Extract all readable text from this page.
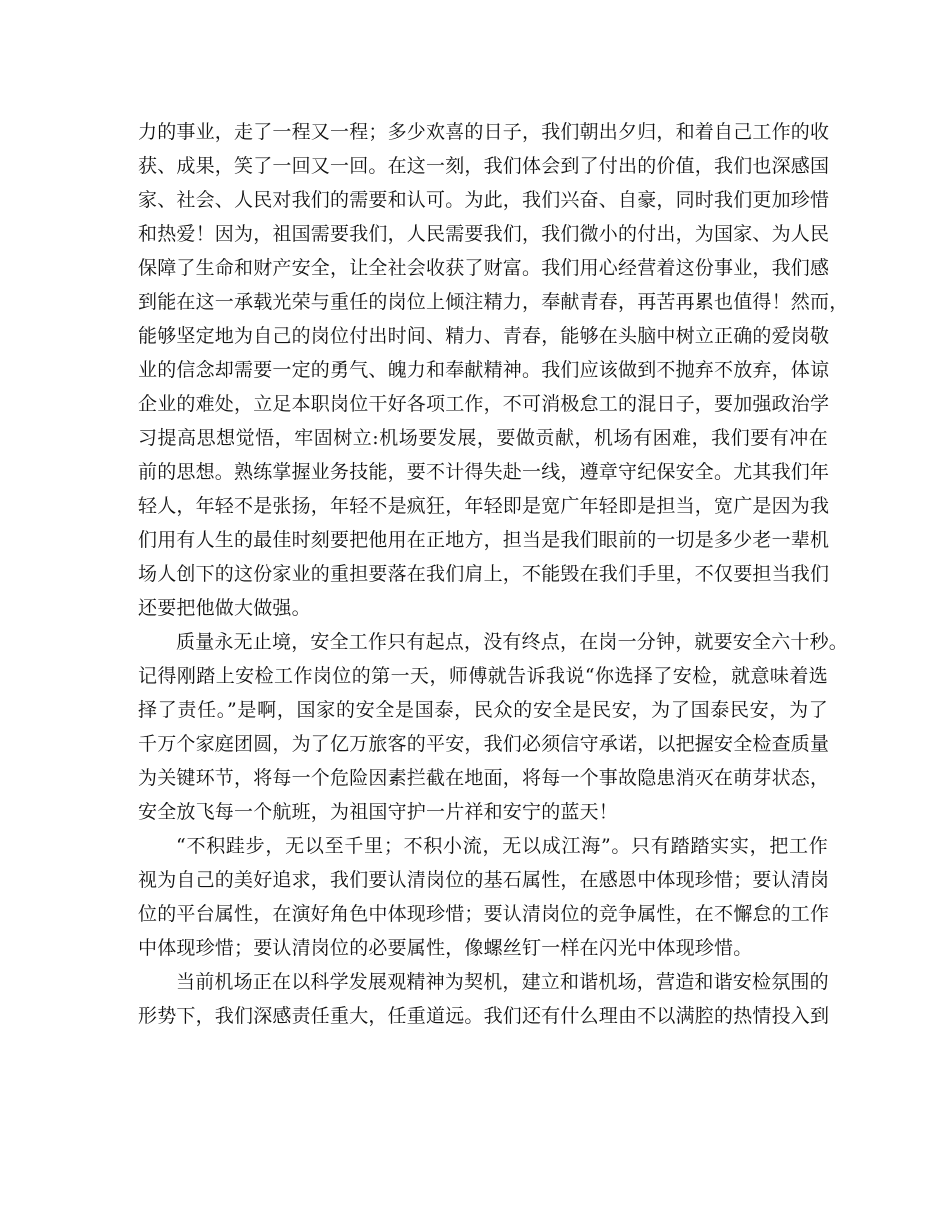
力的事业，走了一程又一程；多少欢喜的日子，我们朝出夕归，和着自己工作的收
获、成果，笑了一回又一回。在这一刻，我们体会到了付出的价值，我们也深感国
家、社会、人民对我们的需要和认可。为此，我们兴奋、自豪，同时我们更加珍惜
和热爱！因为，祖国需要我们，人民需要我们，我们微小的付出，为国家、为人民
保障了生命和财产安全，让全社会收获了财富。我们用心经营着这份事业，我们感
到能在这一承载光荣与重任的岗位上倾注精力，奉献青春，再苦再累也值得！然而，
能够坚定地为自己的岗位付出时间、精力、青春，能够在头脑中树立正确的爱岗敬
业的信念却需要一定的勇气、魄力和奉献精神。我们应该做到不抛弃不放弃，体谅
企业的难处，立足本职岗位干好各项工作，不可消极怠工的混日子，要加强政治学
习提高思想觉悟，牢固树立:机场要发展，要做贡献，机场有困难，我们要有冲在
前的思想。熟练掌握业务技能，要不计得失赴一线，遵章守纪保安全。尤其我们年
轻人，年轻不是张扬，年轻不是疯狂，年轻即是宽广年轻即是担当，宽广是因为我
们用有人生的最佳时刻要把他用在正地方，担当是我们眼前的一切是多少老一辈机
场人创下的这份家业的重担要落在我们肩上，不能毁在我们手里，不仅要担当我们
还要把他做大做强。
质量永无止境，安全工作只有起点，没有终点，在岗一分钟，就要安全六十秒。
记得刚踏上安检工作岗位的第一天，师傅就告诉我说“你选择了安检，就意味着选
择了责任。”是啊，国家的安全是国泰，民众的安全是民安，为了国泰民安，为了
千万个家庭团圆，为了亿万旅客的平安，我们必须信守承诺，以把握安全检查质量
为关键环节，将每一个危险因素拦截在地面，将每一个事故隐患消灭在萌芽状态，
安全放飞每一个航班，为祖国守护一片祥和安宁的蓝天！
“不积跬步，无以至千里；不积小流，无以成江海”。只有踏踏实实，把工作
视为自己的美好追求，我们要认清岗位的基石属性，在感恩中体现珍惜；要认清岗
位的平台属性，在演好角色中体现珍惜；要认清岗位的竞争属性，在不懈怠的工作
中体现珍惜；要认清岗位的必要属性，像螺丝钉一样在闪光中体现珍惜。
当前机场正在以科学发展观精神为契机，建立和谐机场，营造和谐安检氛围的
形势下，我们深感责任重大，任重道远。我们还有什么理由不以满腔的热情投入到
